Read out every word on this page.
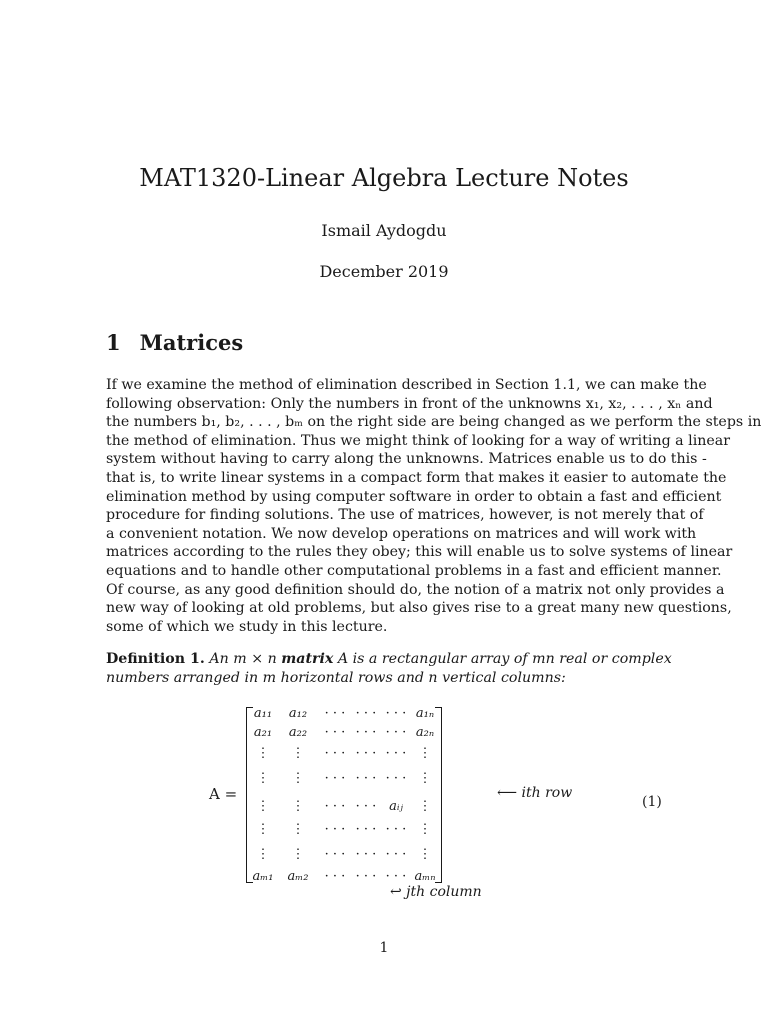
MAT1320-Linear Algebra Lecture Notes
Ismail Aydogdu
December 2019
1 Matrices
If we examine the method of elimination described in Section 1.1, we can make the
following observation: Only the numbers in front of the unknowns x₁, x₂, . . . , xₙ and
the numbers b₁, b₂, . . . , bₘ on the right side are being changed as we perform the steps in
the method of elimination. Thus we might think of looking for a way of writing a linear
system without having to carry along the unknowns. Matrices enable us to do this -
that is, to write linear systems in a compact form that makes it easier to automate the
elimination method by using computer software in order to obtain a fast and efficient
procedure for finding solutions. The use of matrices, however, is not merely that of
a convenient notation. We now develop operations on matrices and will work with
matrices according to the rules they obey; this will enable us to solve systems of linear
equations and to handle other computational problems in a fast and efficient manner.
Of course, as any good definition should do, the notion of a matrix not only provides a
new way of looking at old problems, but also gives rise to a great many new questions,
some of which we study in this lecture.
Definition 1. An m × n matrix A is a rectangular array of mn real or complex
numbers arranged in m horizontal rows and n vertical columns:
A =
a₁₁	a₁₂	· · · · · · · · · a₁ₙ
a₂₁	a₂₂	· · · · · · · · · a₂ₙ
⋮	⋮	· · · · · · · · · ⋮
⋮	⋮	· · · · · · · · · ⋮
⋮	⋮	· · · · · · aᵢⱼ	⋮
⋮	⋮	· · · · · · · · · ⋮
⋮	⋮	· · · · · · · · · ⋮
aₘ₁	aₘ₂	· · · · · · · · · aₘₙ
⟵ ith row
↩ jth column
(1)
1
